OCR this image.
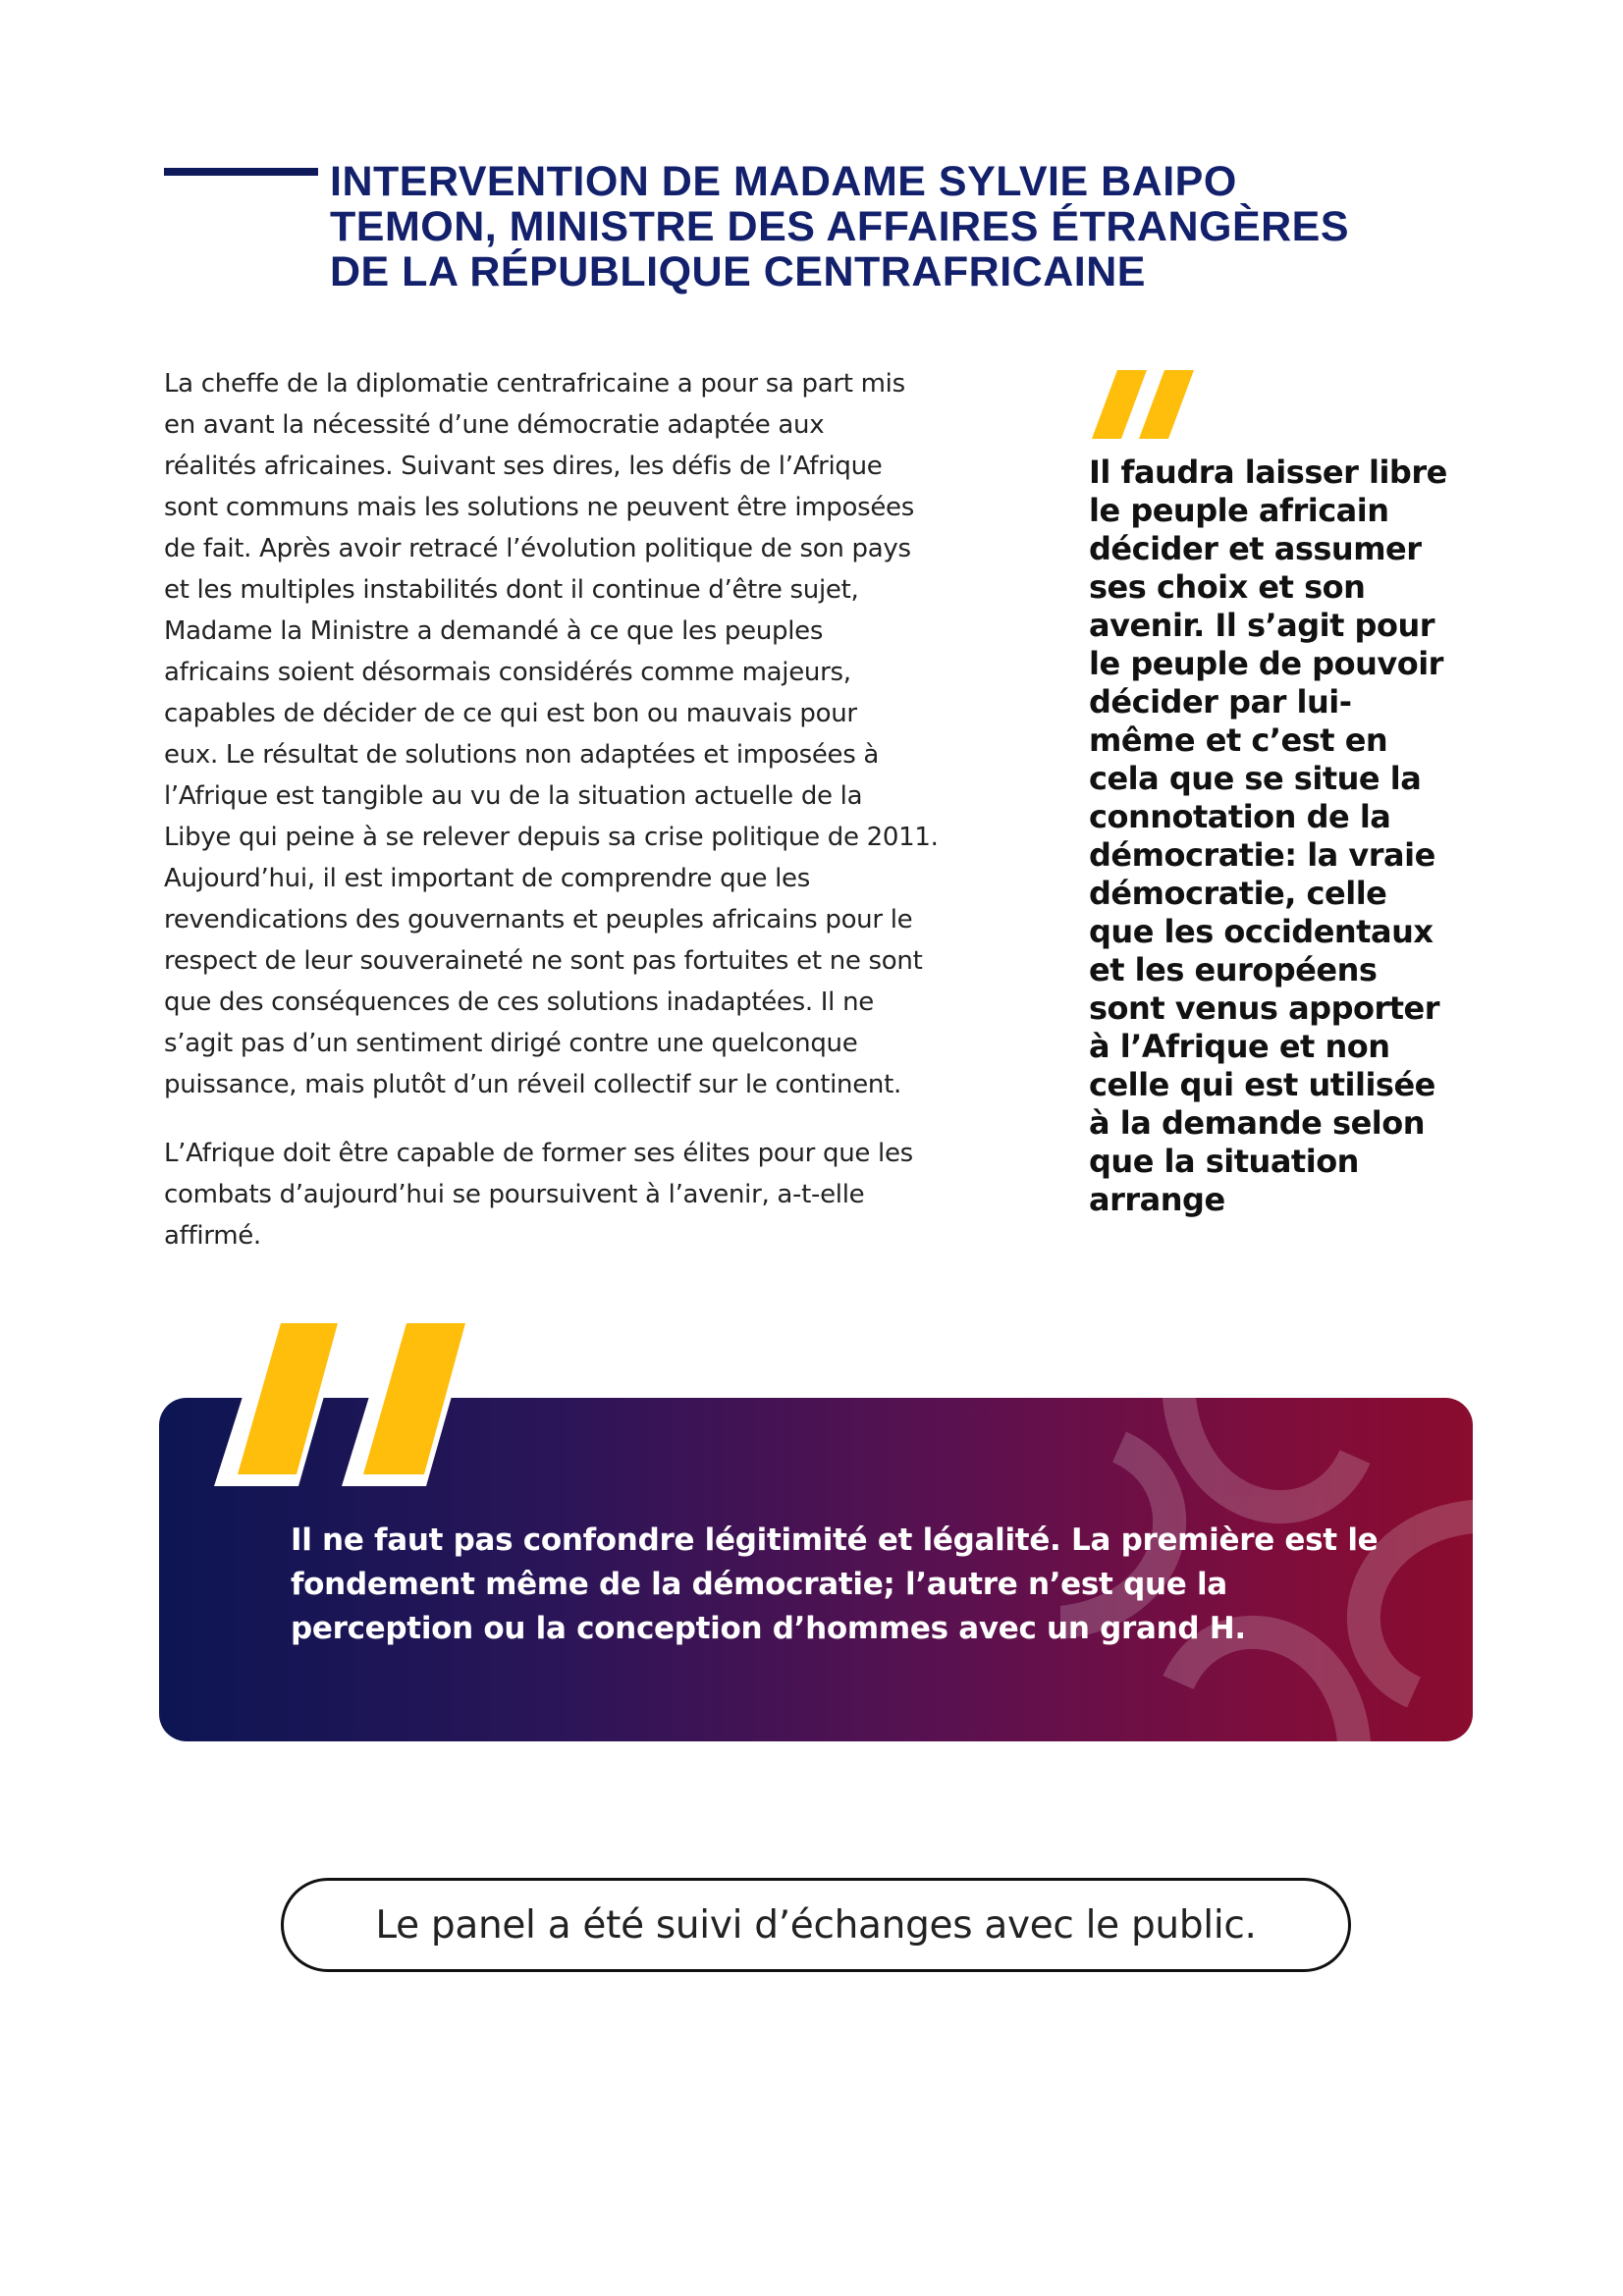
INTERVENTION DE MADAME SYLVIE BAIPO
TEMON, MINISTRE DES AFFAIRES ÉTRANGÈRES
DE LA RÉPUBLIQUE CENTRAFRICAINE

La cheffe de la diplomatie centrafricaine a pour sa part mis
en avant la nécessité d’une démocratie adaptée aux
réalités africaines. Suivant ses dires, les défis de l’Afrique
sont communs mais les solutions ne peuvent être imposées
de fait. Après avoir retracé l’évolution politique de son pays
et les multiples instabilités dont il continue d’être sujet,
Madame la Ministre a demandé à ce que les peuples
africains soient désormais considérés comme majeurs,
capables de décider de ce qui est bon ou mauvais pour
eux. Le résultat de solutions non adaptées et imposées à
l’Afrique est tangible au vu de la situation actuelle de la
Libye qui peine à se relever depuis sa crise politique de 2011.
Aujourd’hui, il est important de comprendre que les
revendications des gouvernants et peuples africains pour le
respect de leur souveraineté ne sont pas fortuites et ne sont
que des conséquences de ces solutions inadaptées. Il ne
s’agit pas d’un sentiment dirigé contre une quelconque
puissance, mais plutôt d’un réveil collectif sur le continent.

L’Afrique doit être capable de former ses élites pour que les
combats d’aujourd’hui se poursuivent à l’avenir, a-t-elle
affirmé.

Il faudra laisser libre
le peuple africain
décider et assumer
ses choix et son
avenir. Il s’agit pour
le peuple de pouvoir
décider par lui-
même et c’est en
cela que se situe la
connotation de la
démocratie: la vraie
démocratie, celle
que les occidentaux
et les européens
sont venus apporter
à l’Afrique et non
celle qui est utilisée
à la demande selon
que la situation
arrange
Il ne faut pas confondre légitimité et légalité. La première est le
fondement même de la démocratie; l’autre n’est que la
perception ou la conception d’hommes avec un grand H.
Le panel a été suivi d’échanges avec le public.
